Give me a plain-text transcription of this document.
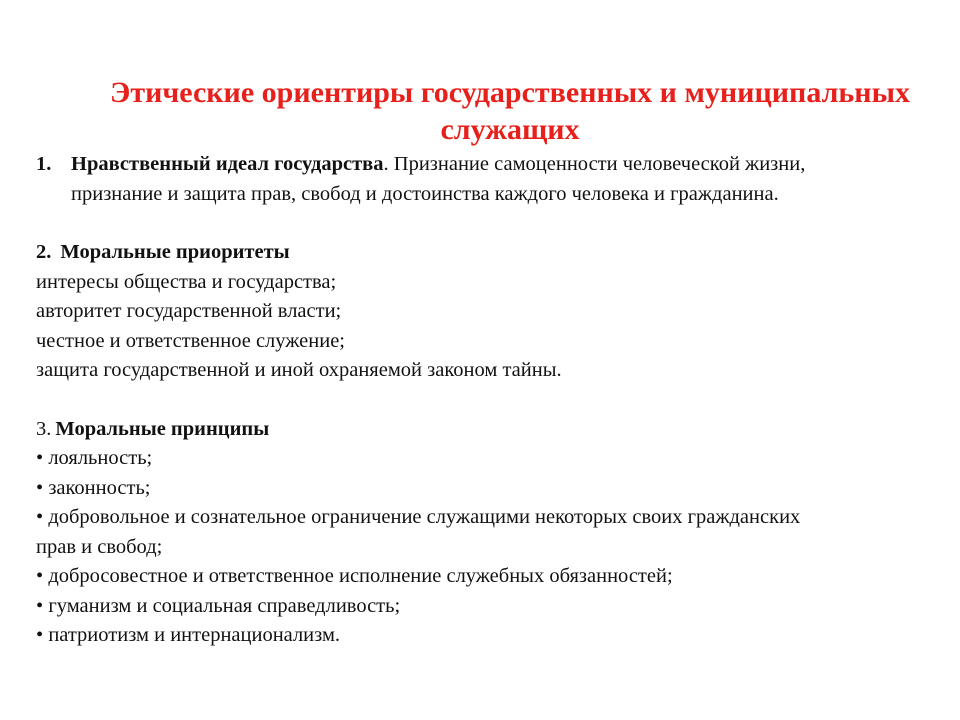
Этические ориентиры государственных и муниципальных
служащих
1. Нравственный идеал государства. Признание самоценности человеческой жизни,
признание и защита прав, свобод и достоинства каждого человека и гражданина.
2. Моральные приоритеты
интересы общества и государства;
авторитет государственной власти;
честное и ответственное служение;
защита государственной и иной охраняемой законом тайны.
3. Моральные принципы
• лояльность;
• законность;
• добровольное и сознательное ограничение служащими некоторых своих гражданских
прав и свобод;
• добросовестное и ответственное исполнение служебных обязанностей;
• гуманизм и социальная справедливость;
• патриотизм и интернационализм.
